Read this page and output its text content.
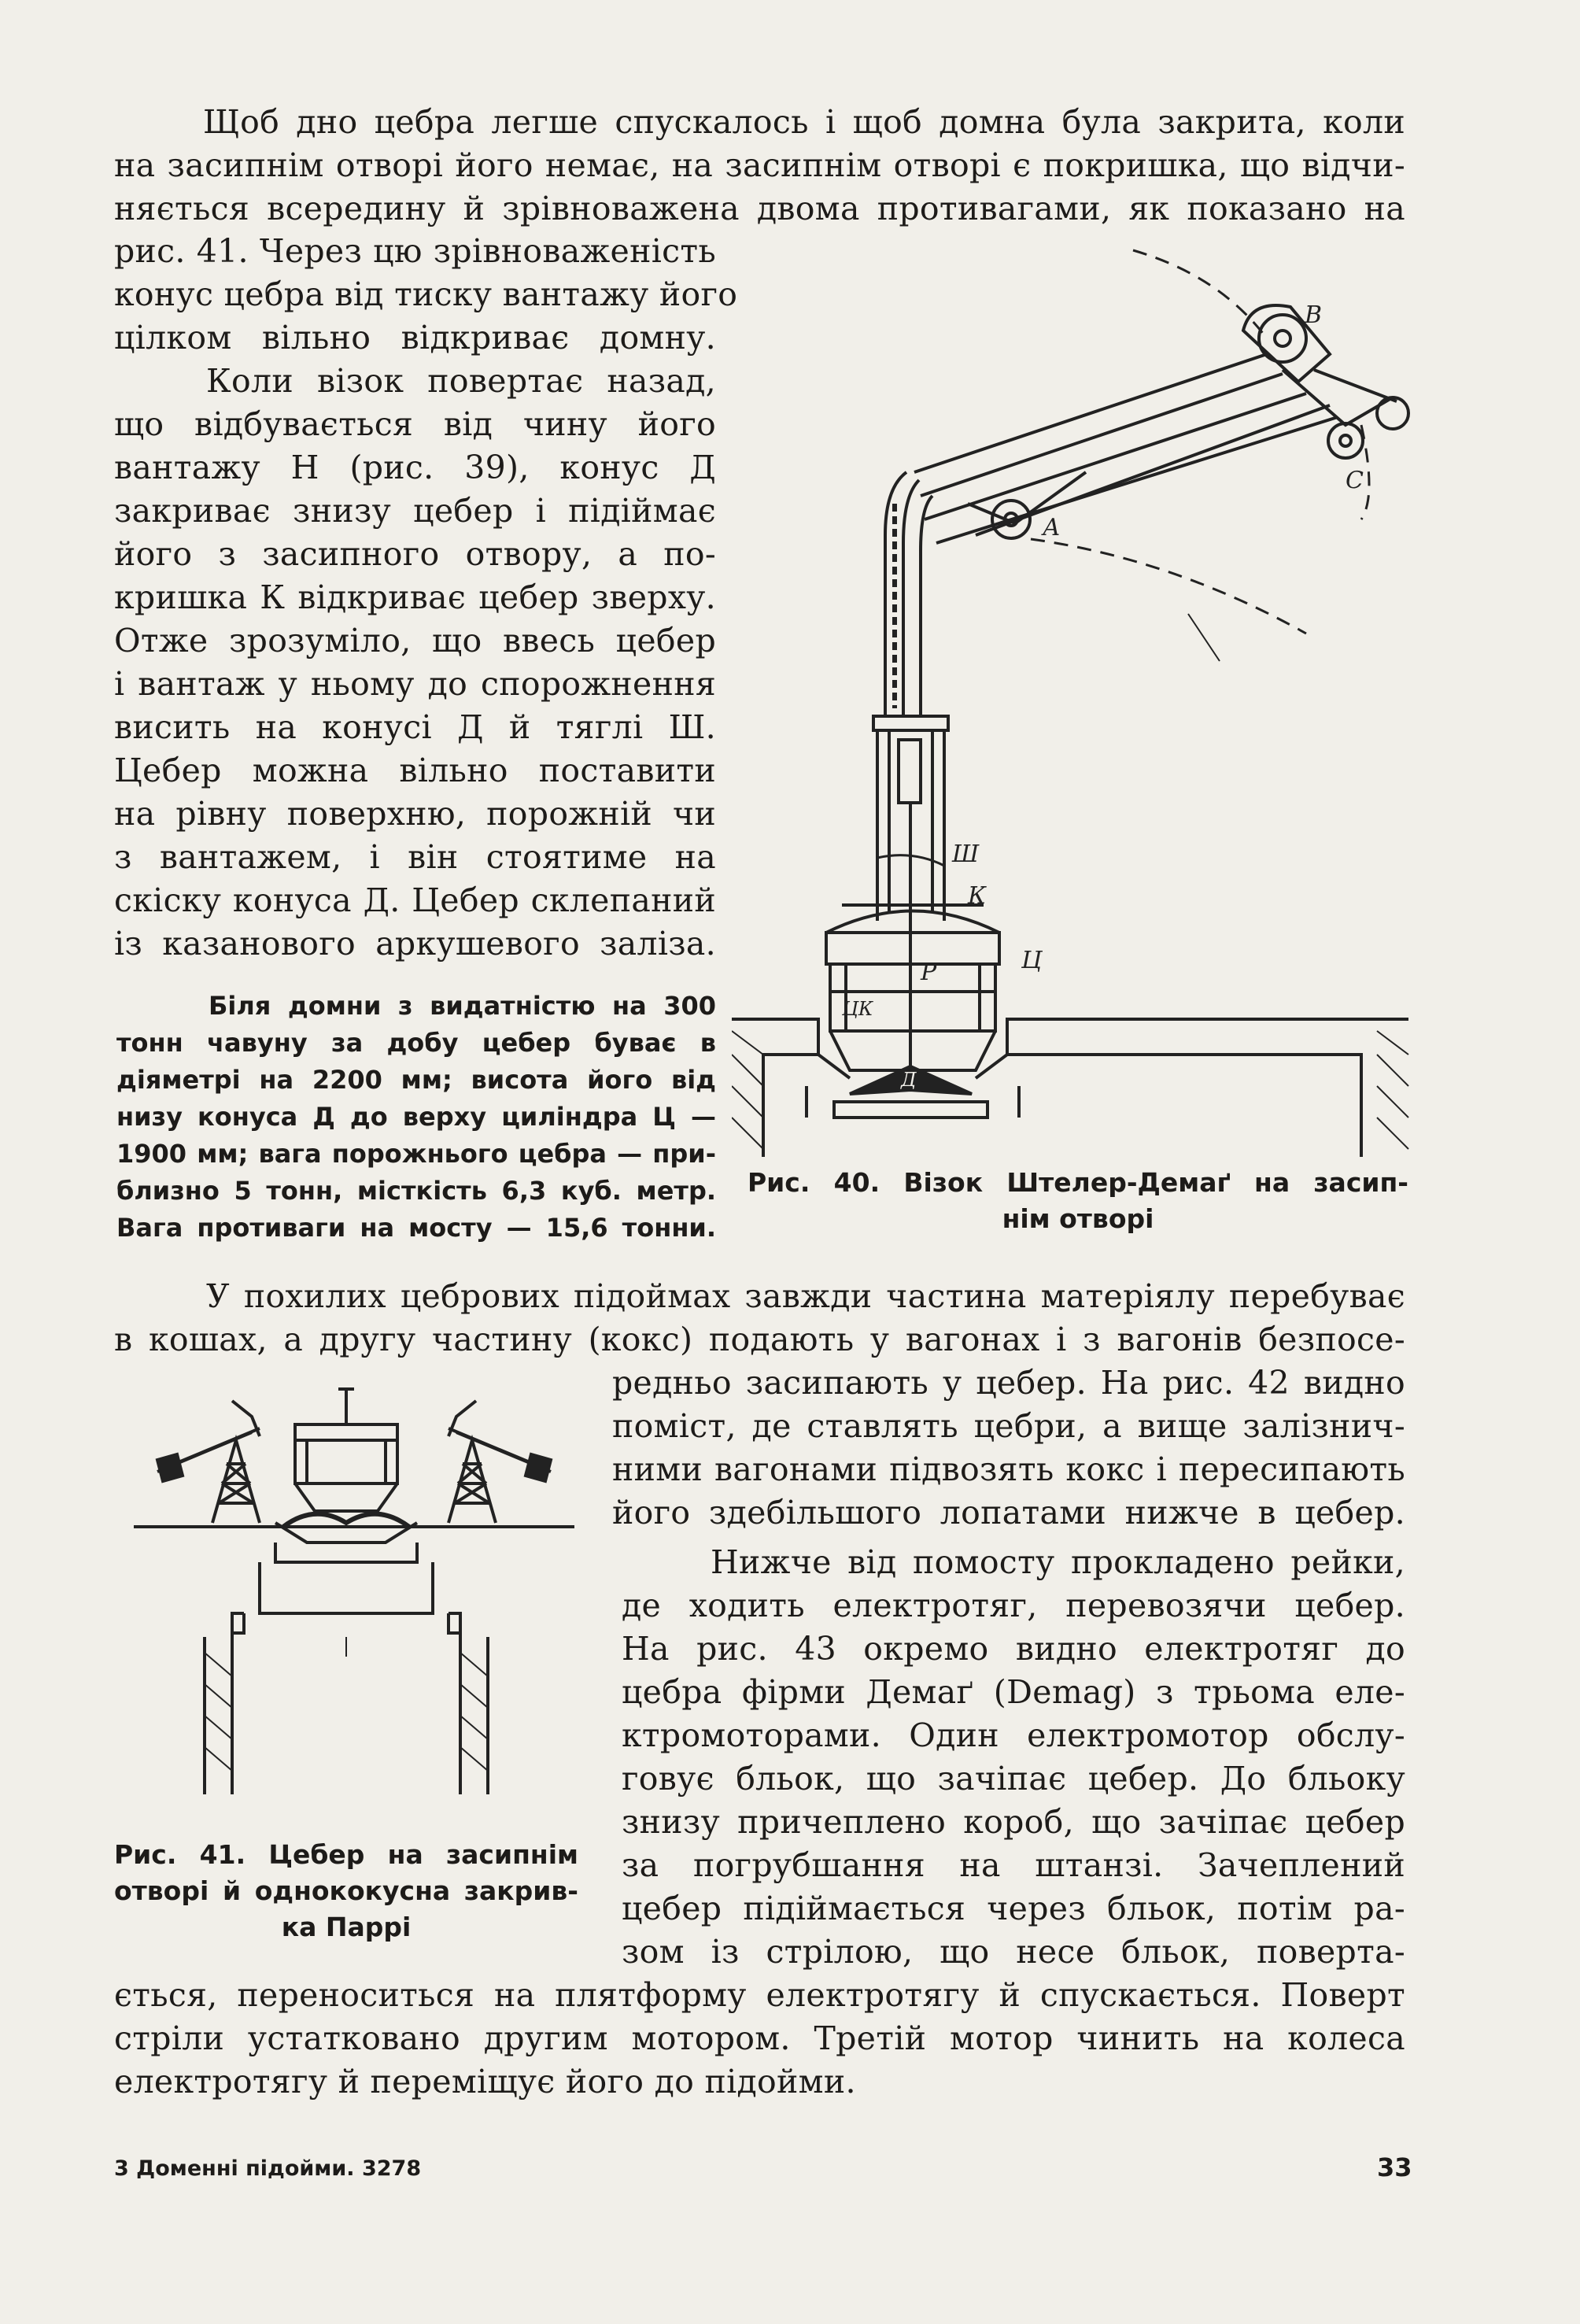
Щоб дно цебра легше спускалось і щоб домна була закрита, коли
на засипнім отворі його немає, на засипнім отворі є покришка, що відчи-
няється всередину й зрівноважена двома противагами, як показано на
рис. 41. Через цю зрівноваженість
конус цебра від тиску вантажу його
цілком вільно відкриває домну.
Коли візок повертає назад,
що відбувається від чину його
вантажу Н (рис. 39), конус Д
закриває знизу цебер і підіймає
його з засипного отвору, а по-
кришка К відкриває цебер зверху.
Отже зрозуміло, що ввесь цебер
і вантаж у ньому до спорожнення
висить на конусі Д й тяглі Ш.
Цебер можна вільно поставити
на рівну поверхню, порожній чи
з вантажем, і він стоятиме на
скіску конуса Д. Цебер склепаний
із казанового аркушевого заліза.
Біля домни з видатністю на 300
тонн чавуну за добу цебер буває в
діяметрі на 2200 мм; висота його від
низу конуса Д до верху циліндра Ц —
1900 мм; вага порожнього цебра — при-
близно 5 тонн, місткість 6,3 куб. метр.
Вага противаги на мосту — 15,6 тонни.
В
С
А
Ш
К
Ц
Р
ЦК
Д
Рис. 40. Візок Штелер-Демаґ на засип-
нім отворі
У похилих цебрових підоймах завжди частина матеріялу перебуває
в кошах, а другу частину (кокс) подають у вагонах і з вагонів безпосе-
редньо засипають у цебер. На рис. 42 видно
поміст, де ставлять цебри, а вище залізнич-
ними вагонами підвозять кокс і пересипають
його здебільшого лопатами нижче в цебер.
Нижче від помосту прокладено рейки,
де ходить електротяг, перевозячи цебер.
На рис. 43 окремо видно електротяг до
цебра фірми Демаґ (Demag) з трьома еле-
ктромоторами. Один електромотор обслу-
говує бльок, що зачіпає цебер. До бльоку
знизу причеплено короб, що зачіпає цебер
за погрубшання на штанзі. Зачеплений
цебер підіймається через бльок, потім ра-
зом із стрілою, що несе бльок, поверта-
Рис. 41. Цебер на засипнім
отворі й однококусна закрив-
ка Паррі
ється, переноситься на плятформу електротягу й спускається. Поверт
стріли устатковано другим мотором. Третій мотор чинить на колеса
електротягу й переміщує його до підойми.
3 Доменні підойми. 3278	33
